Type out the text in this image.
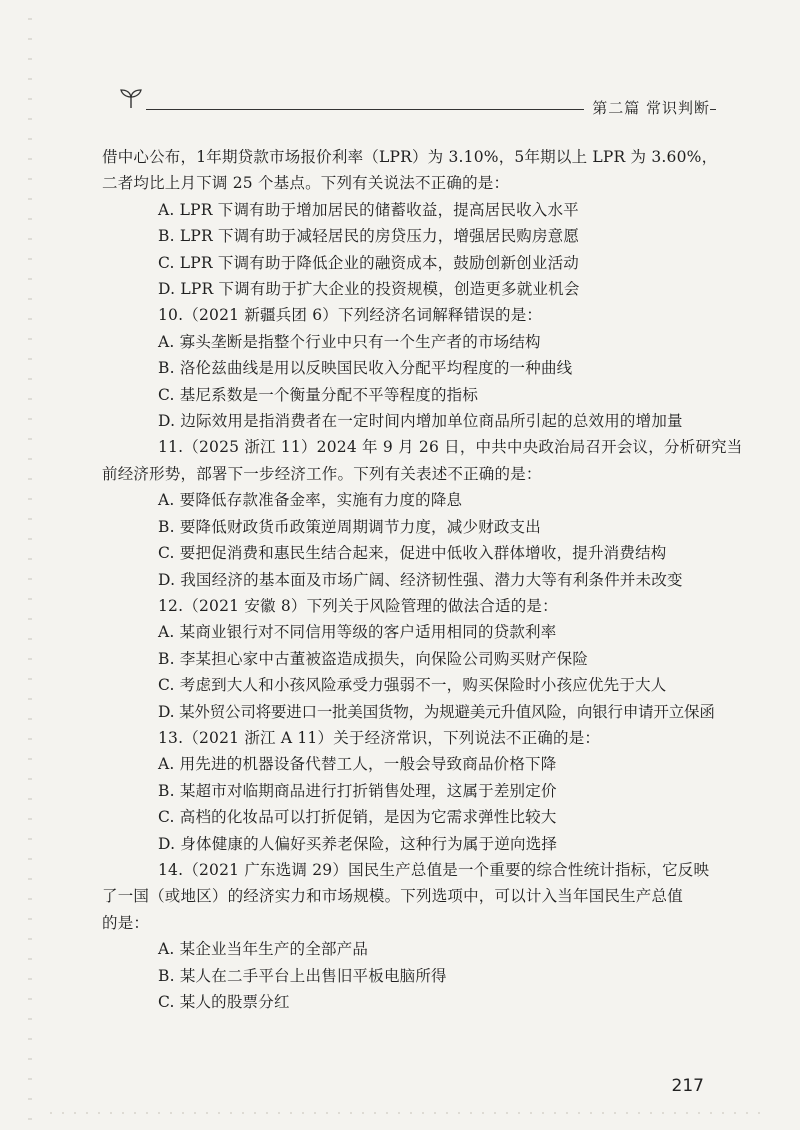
第二篇 常识判断
借中心公布，1年期贷款市场报价利率（LPR）为 3.10%，5年期以上 LPR 为 3.60%，
二者均比上月下调 25 个基点。下列有关说法不正确的是：
A. LPR 下调有助于增加居民的储蓄收益，提高居民收入水平
B. LPR 下调有助于减轻居民的房贷压力，增强居民购房意愿
C. LPR 下调有助于降低企业的融资成本，鼓励创新创业活动
D. LPR 下调有助于扩大企业的投资规模，创造更多就业机会
10.（2021 新疆兵团 6）下列经济名词解释错误的是：
A. 寡头垄断是指整个行业中只有一个生产者的市场结构
B. 洛伦兹曲线是用以反映国民收入分配平均程度的一种曲线
C. 基尼系数是一个衡量分配不平等程度的指标
D. 边际效用是指消费者在一定时间内增加单位商品所引起的总效用的增加量
11.（2025 浙江 11）2024 年 9 月 26 日，中共中央政治局召开会议，分析研究当
前经济形势，部署下一步经济工作。下列有关表述不正确的是：
A. 要降低存款准备金率，实施有力度的降息
B. 要降低财政货币政策逆周期调节力度，减少财政支出
C. 要把促消费和惠民生结合起来，促进中低收入群体增收，提升消费结构
D. 我国经济的基本面及市场广阔、经济韧性强、潜力大等有利条件并未改变
12.（2021 安徽 8）下列关于风险管理的做法合适的是：
A. 某商业银行对不同信用等级的客户适用相同的贷款利率
B. 李某担心家中古董被盗造成损失，向保险公司购买财产保险
C. 考虑到大人和小孩风险承受力强弱不一，购买保险时小孩应优先于大人
D. 某外贸公司将要进口一批美国货物，为规避美元升值风险，向银行申请开立保函
13.（2021 浙江 A 11）关于经济常识，下列说法不正确的是：
A. 用先进的机器设备代替工人，一般会导致商品价格下降
B. 某超市对临期商品进行打折销售处理，这属于差别定价
C. 高档的化妆品可以打折促销，是因为它需求弹性比较大
D. 身体健康的人偏好买养老保险，这种行为属于逆向选择
14.（2021 广东选调 29）国民生产总值是一个重要的综合性统计指标，它反映
了一国（或地区）的经济实力和市场规模。下列选项中，可以计入当年国民生产总值
的是：
A. 某企业当年生产的全部产品
B. 某人在二手平台上出售旧平板电脑所得
C. 某人的股票分红
217
